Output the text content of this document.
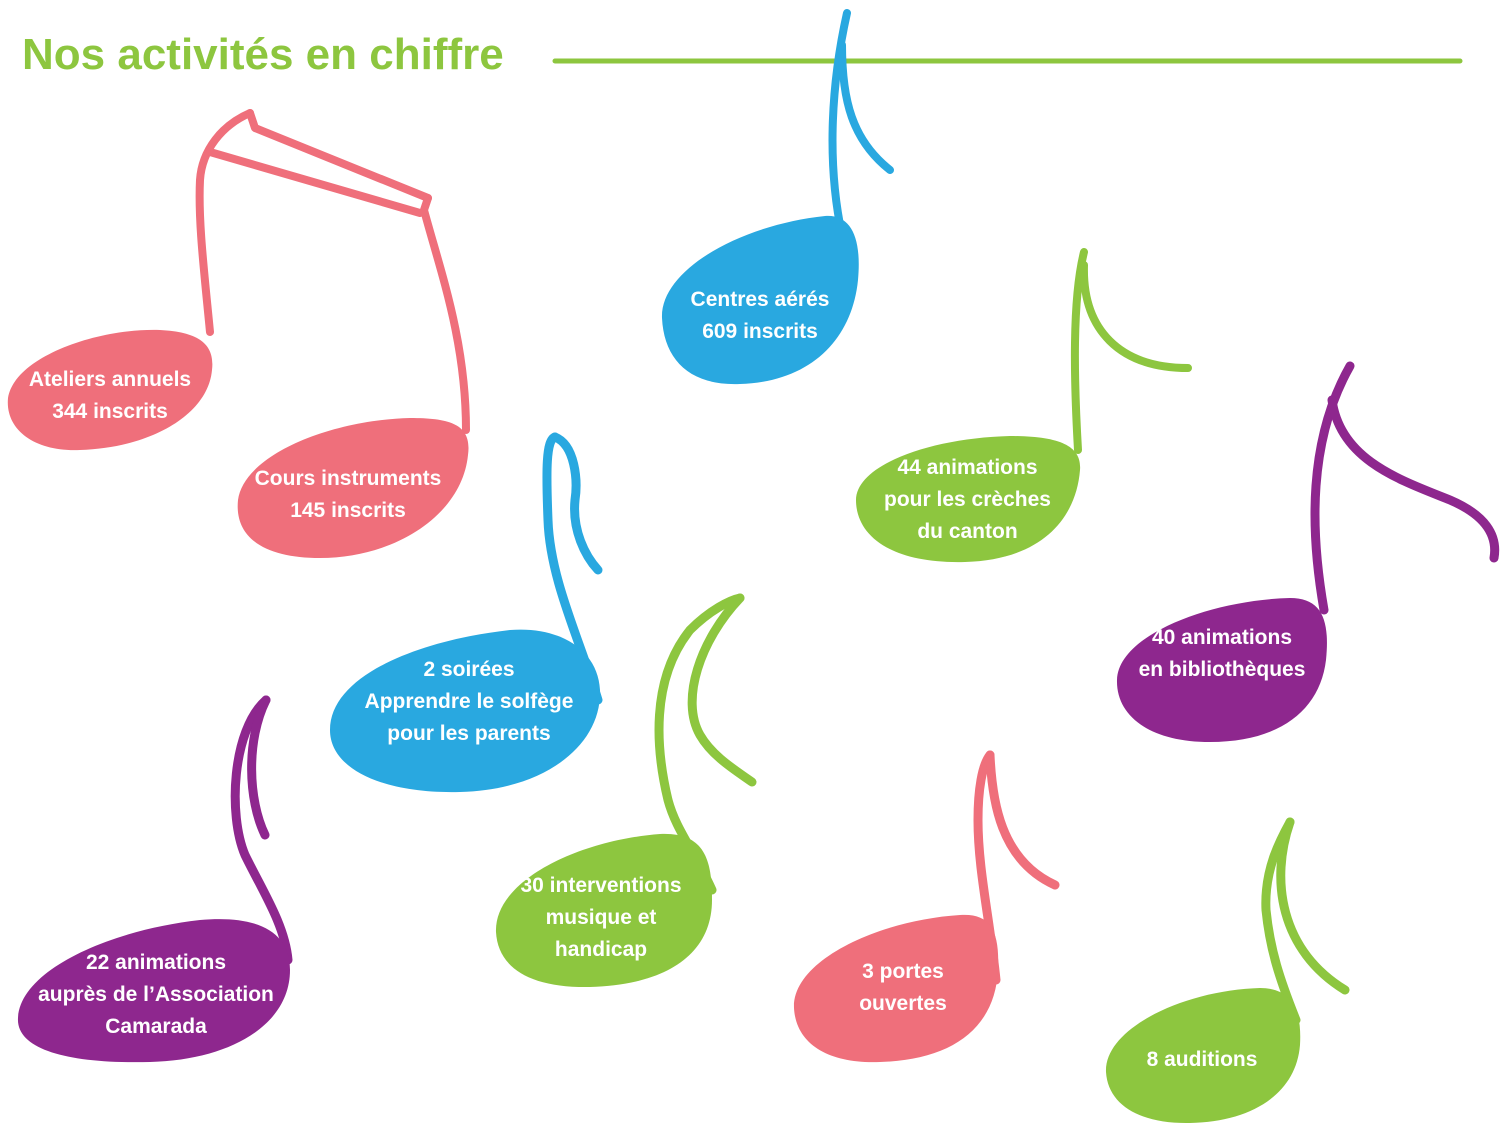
Nos activités en chiffre
Ateliers annuels
344 inscrits
Cours instruments
145 inscrits
Centres aérés
609 inscrits
44 animations
pour les crèches
du canton
40 animations
en bibliothèques
2 soirées
Apprendre le solfège
pour les parents
22 animations
auprès de l’Association
Camarada
30 interventions
musique et
handicap
3 portes
ouvertes
8 auditions
